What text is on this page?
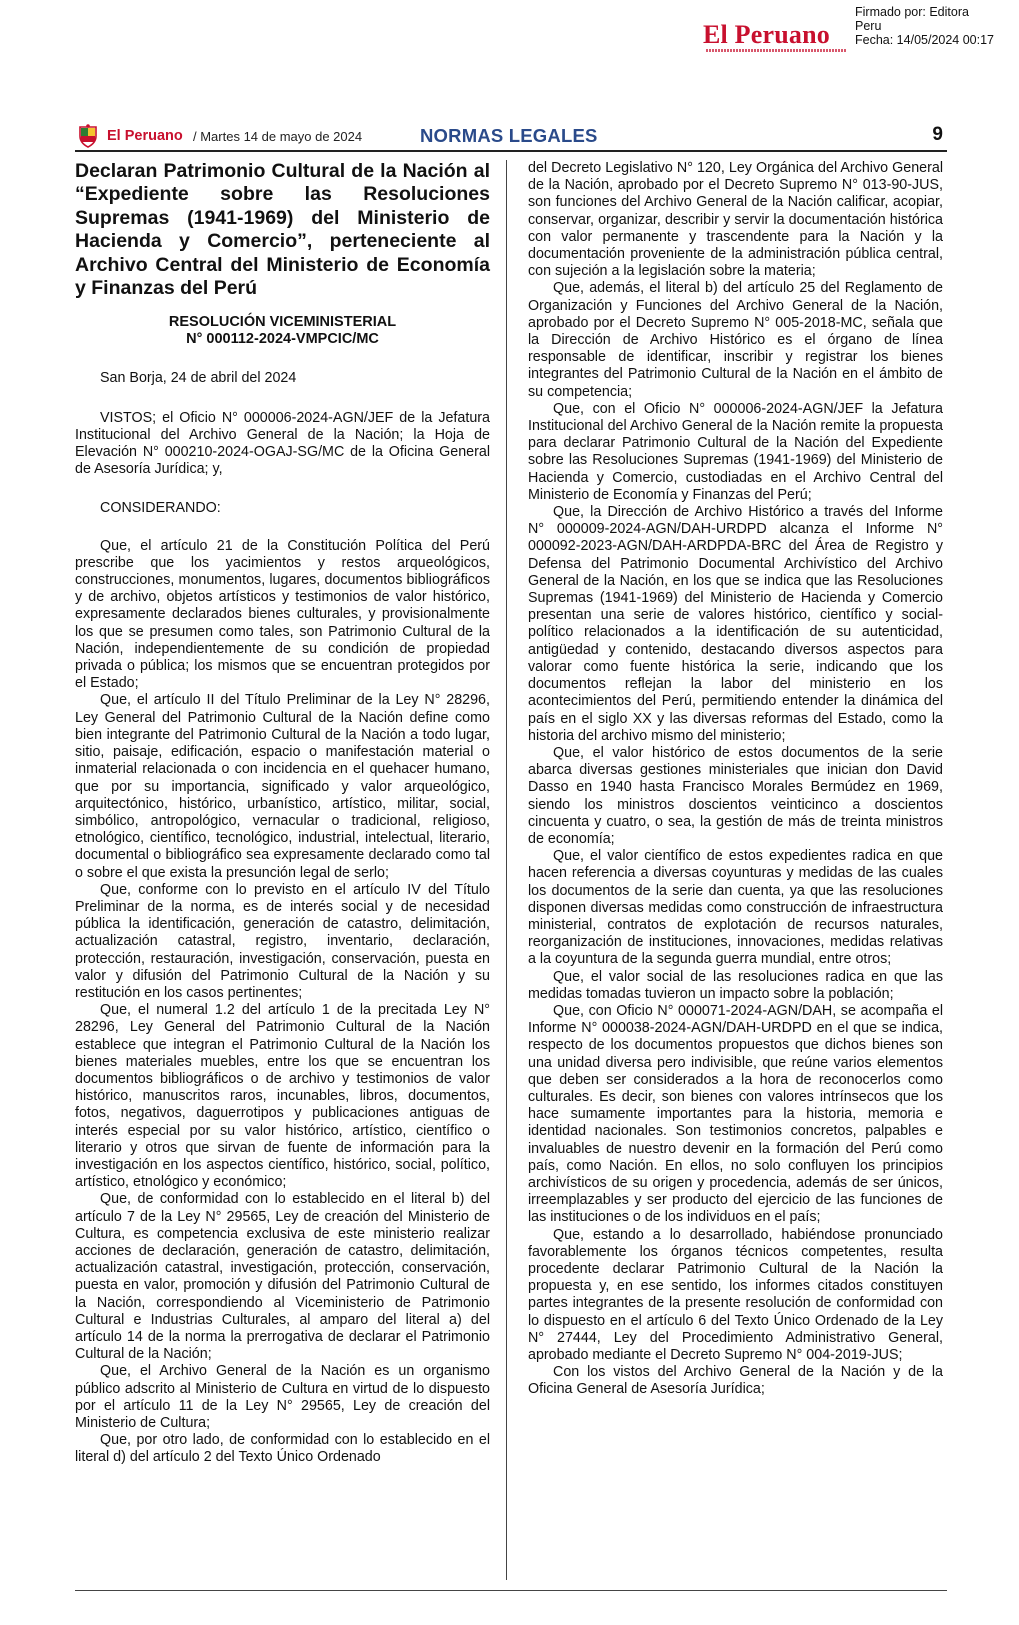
El Peruano
Firmado por: Editora
Peru
Fecha: 14/05/2024 00:17
El Peruano / Martes 14 de mayo de 2024	NORMAS LEGALES	9
Declaran Patrimonio Cultural de la Nación al “Expediente sobre las Resoluciones Supremas (1941-1969) del Ministerio de Hacienda y Comercio”, perteneciente al Archivo Central del Ministerio de Economía y Finanzas del Perú
RESOLUCIÓN VICEMINISTERIAL
N° 000112-2024-VMPCIC/MC

San Borja, 24 de abril del 2024

VISTOS; el Oficio N° 000006-2024-AGN/JEF de la Jefatura Institucional del Archivo General de la Nación; la Hoja de Elevación N° 000210-2024-OGAJ-SG/MC de la Oficina General de Asesoría Jurídica; y,

CONSIDERANDO:

Que, el artículo 21 de la Constitución Política del Perú prescribe que los yacimientos y restos arqueológicos, construcciones, monumentos, lugares, documentos bibliográficos y de archivo, objetos artísticos y testimonios de valor histórico, expresamente declarados bienes culturales, y provisionalmente los que se presumen como tales, son Patrimonio Cultural de la Nación, independientemente de su condición de propiedad privada o pública; los mismos que se encuentran protegidos por el Estado;

Que, el artículo II del Título Preliminar de la Ley N° 28296, Ley General del Patrimonio Cultural de la Nación define como bien integrante del Patrimonio Cultural de la Nación a todo lugar, sitio, paisaje, edificación, espacio o manifestación material o inmaterial relacionada o con incidencia en el quehacer humano, que por su importancia, significado y valor arqueológico, arquitectónico, histórico, urbanístico, artístico, militar, social, simbólico, antropológico, vernacular o tradicional, religioso, etnológico, científico, tecnológico, industrial, intelectual, literario, documental o bibliográfico sea expresamente declarado como tal o sobre el que exista la presunción legal de serlo;

Que, conforme con lo previsto en el artículo IV del Título Preliminar de la norma, es de interés social y de necesidad pública la identificación, generación de catastro, delimitación, actualización catastral, registro, inventario, declaración, protección, restauración, investigación, conservación, puesta en valor y difusión del Patrimonio Cultural de la Nación y su restitución en los casos pertinentes;

Que, el numeral 1.2 del artículo 1 de la precitada Ley N° 28296, Ley General del Patrimonio Cultural de la Nación establece que integran el Patrimonio Cultural de la Nación los bienes materiales muebles, entre los que se encuentran los documentos bibliográficos o de archivo y testimonios de valor histórico, manuscritos raros, incunables, libros, documentos, fotos, negativos, daguerrotipos y publicaciones antiguas de interés especial por su valor histórico, artístico, científico o literario y otros que sirvan de fuente de información para la investigación en los aspectos científico, histórico, social, político, artístico, etnológico y económico;

Que, de conformidad con lo establecido en el literal b) del artículo 7 de la Ley N° 29565, Ley de creación del Ministerio de Cultura, es competencia exclusiva de este ministerio realizar acciones de declaración, generación de catastro, delimitación, actualización catastral, investigación, protección, conservación, puesta en valor, promoción y difusión del Patrimonio Cultural de la Nación, correspondiendo al Viceministerio de Patrimonio Cultural e Industrias Culturales, al amparo del literal a) del artículo 14 de la norma la prerrogativa de declarar el Patrimonio Cultural de la Nación;

Que, el Archivo General de la Nación es un organismo público adscrito al Ministerio de Cultura en virtud de lo dispuesto por el artículo 11 de la Ley N° 29565, Ley de creación del Ministerio de Cultura;

Que, por otro lado, de conformidad con lo establecido en el literal d) del artículo 2 del Texto Único Ordenado

del Decreto Legislativo N° 120, Ley Orgánica del Archivo General de la Nación, aprobado por el Decreto Supremo N° 013-90-JUS, son funciones del Archivo General de la Nación calificar, acopiar, conservar, organizar, describir y servir la documentación histórica con valor permanente y trascendente para la Nación y la documentación proveniente de la administración pública central, con sujeción a la legislación sobre la materia;

Que, además, el literal b) del artículo 25 del Reglamento de Organización y Funciones del Archivo General de la Nación, aprobado por el Decreto Supremo N° 005-2018-MC, señala que la Dirección de Archivo Histórico es el órgano de línea responsable de identificar, inscribir y registrar los bienes integrantes del Patrimonio Cultural de la Nación en el ámbito de su competencia;

Que, con el Oficio N° 000006-2024-AGN/JEF la Jefatura Institucional del Archivo General de la Nación remite la propuesta para declarar Patrimonio Cultural de la Nación del Expediente sobre las Resoluciones Supremas (1941-1969) del Ministerio de Hacienda y Comercio, custodiadas en el Archivo Central del Ministerio de Economía y Finanzas del Perú;

Que, la Dirección de Archivo Histórico a través del Informe N° 000009-2024-AGN/DAH-URDPD alcanza el Informe N° 000092-2023-AGN/DAH-ARDPDA-BRC del Área de Registro y Defensa del Patrimonio Documental Archivístico del Archivo General de la Nación, en los que se indica que las Resoluciones Supremas (1941-1969) del Ministerio de Hacienda y Comercio presentan una serie de valores histórico, científico y social-político relacionados a la identificación de su autenticidad, antigüedad y contenido, destacando diversos aspectos para valorar como fuente histórica la serie, indicando que los documentos reflejan la labor del ministerio en los acontecimientos del Perú, permitiendo entender la dinámica del país en el siglo XX y las diversas reformas del Estado, como la historia del archivo mismo del ministerio;

Que, el valor histórico de estos documentos de la serie abarca diversas gestiones ministeriales que inician don David Dasso en 1940 hasta Francisco Morales Bermúdez en 1969, siendo los ministros doscientos veinticinco a doscientos cincuenta y cuatro, o sea, la gestión de más de treinta ministros de economía;

Que, el valor científico de estos expedientes radica en que hacen referencia a diversas coyunturas y medidas de las cuales los documentos de la serie dan cuenta, ya que las resoluciones disponen diversas medidas como construcción de infraestructura ministerial, contratos de explotación de recursos naturales, reorganización de instituciones, innovaciones, medidas relativas a la coyuntura de la segunda guerra mundial, entre otros;

Que, el valor social de las resoluciones radica en que las medidas tomadas tuvieron un impacto sobre la población;

Que, con Oficio N° 000071-2024-AGN/DAH, se acompaña el Informe N° 000038-2024-AGN/DAH-URDPD en el que se indica, respecto de los documentos propuestos que dichos bienes son una unidad diversa pero indivisible, que reúne varios elementos que deben ser considerados a la hora de reconocerlos como culturales. Es decir, son bienes con valores intrínsecos que los hace sumamente importantes para la historia, memoria e identidad nacionales. Son testimonios concretos, palpables e invaluables de nuestro devenir en la formación del Perú como país, como Nación. En ellos, no solo confluyen los principios archivísticos de su origen y procedencia, además de ser únicos, irreemplazables y ser producto del ejercicio de las funciones de las instituciones o de los individuos en el país;

Que, estando a lo desarrollado, habiéndose pronunciado favorablemente los órganos técnicos competentes, resulta procedente declarar Patrimonio Cultural de la Nación la propuesta y, en ese sentido, los informes citados constituyen partes integrantes de la presente resolución de conformidad con lo dispuesto en el artículo 6 del Texto Único Ordenado de la Ley N° 27444, Ley del Procedimiento Administrativo General, aprobado mediante el Decreto Supremo N° 004-2019-JUS;

Con los vistos del Archivo General de la Nación y de la Oficina General de Asesoría Jurídica;
